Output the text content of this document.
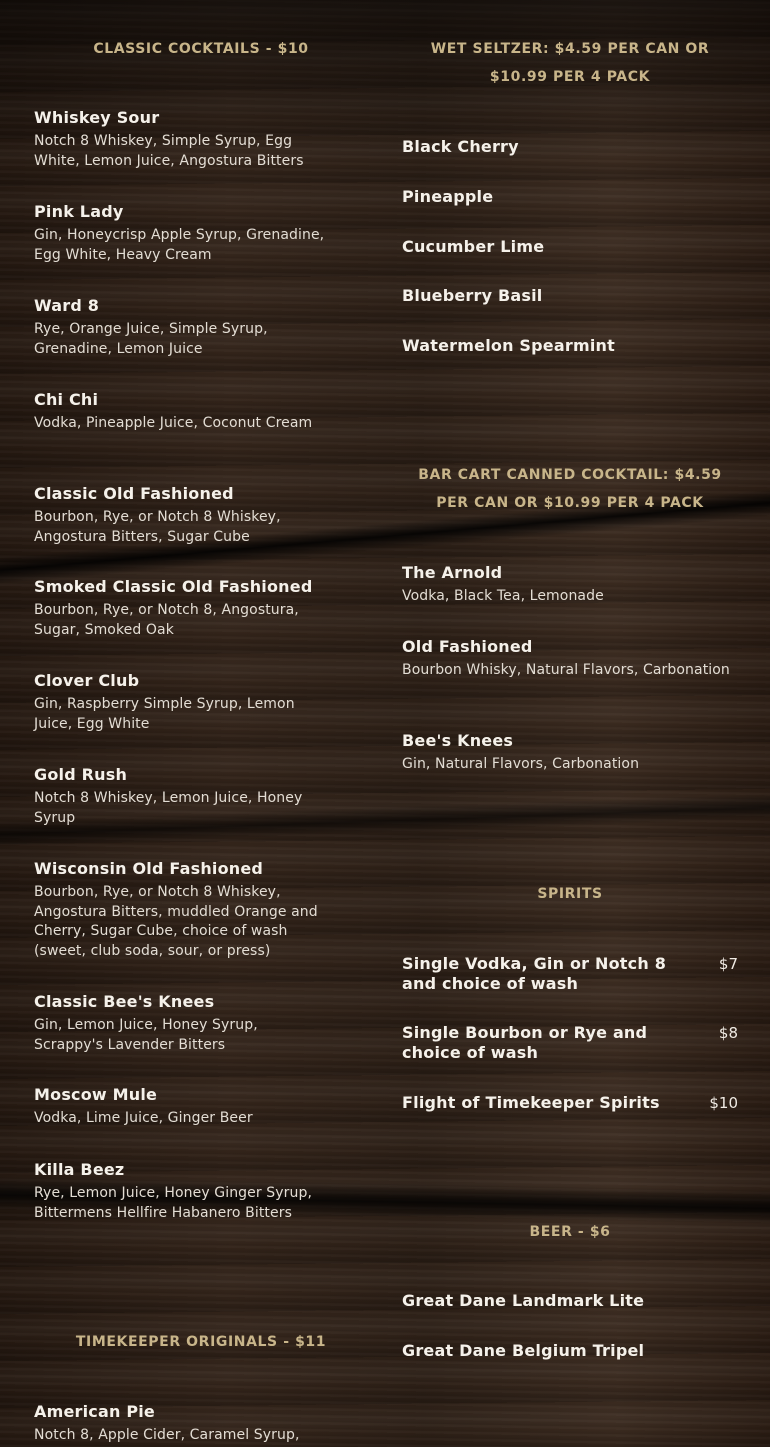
CLASSIC COCKTAILS - $10
Whiskey Sour
Notch 8 Whiskey, Simple Syrup, Egg White, Lemon Juice, Angostura Bitters
Pink Lady
Gin, Honeycrisp Apple Syrup, Grenadine, Egg White, Heavy Cream
Ward 8
Rye, Orange Juice, Simple Syrup, Grenadine, Lemon Juice
Chi Chi
Vodka, Pineapple Juice, Coconut Cream
Classic Old Fashioned
Bourbon, Rye, or Notch 8 Whiskey, Angostura Bitters, Sugar Cube
Smoked Classic Old Fashioned
Bourbon, Rye, or Notch 8, Angostura, Sugar, Smoked Oak
Clover Club
Gin, Raspberry Simple Syrup, Lemon Juice, Egg White
Gold Rush
Notch 8 Whiskey, Lemon Juice, Honey Syrup
Wisconsin Old Fashioned
Bourbon, Rye, or Notch 8 Whiskey, Angostura Bitters, muddled Orange and Cherry, Sugar Cube, choice of wash (sweet, club soda, sour, or press)
Classic Bee's Knees
Gin, Lemon Juice, Honey Syrup, Scrappy's Lavender Bitters
Moscow Mule
Vodka, Lime Juice, Ginger Beer
Killa Beez
Rye, Lemon Juice, Honey Ginger Syrup, Bittermens Hellfire Habanero Bitters
TIMEKEEPER ORIGINALS - $11
American Pie
Notch 8, Apple Cider, Caramel Syrup,
WET SELTZER: $4.59 PER CAN OR $10.99 PER 4 PACK
Black Cherry
Pineapple
Cucumber Lime
Blueberry Basil
Watermelon Spearmint
BAR CART CANNED COCKTAIL: $4.59 PER CAN OR $10.99 PER 4 PACK
The Arnold
Vodka, Black Tea, Lemonade
Old Fashioned
Bourbon Whisky, Natural Flavors, Carbonation
Bee's Knees
Gin, Natural Flavors, Carbonation
SPIRITS
Single Vodka, Gin or Notch 8 and choice of wash
$7
Single Bourbon or Rye and choice of wash
$8
Flight of Timekeeper Spirits	$10
BEER - $6
Great Dane Landmark Lite
Great Dane Belgium Tripel
